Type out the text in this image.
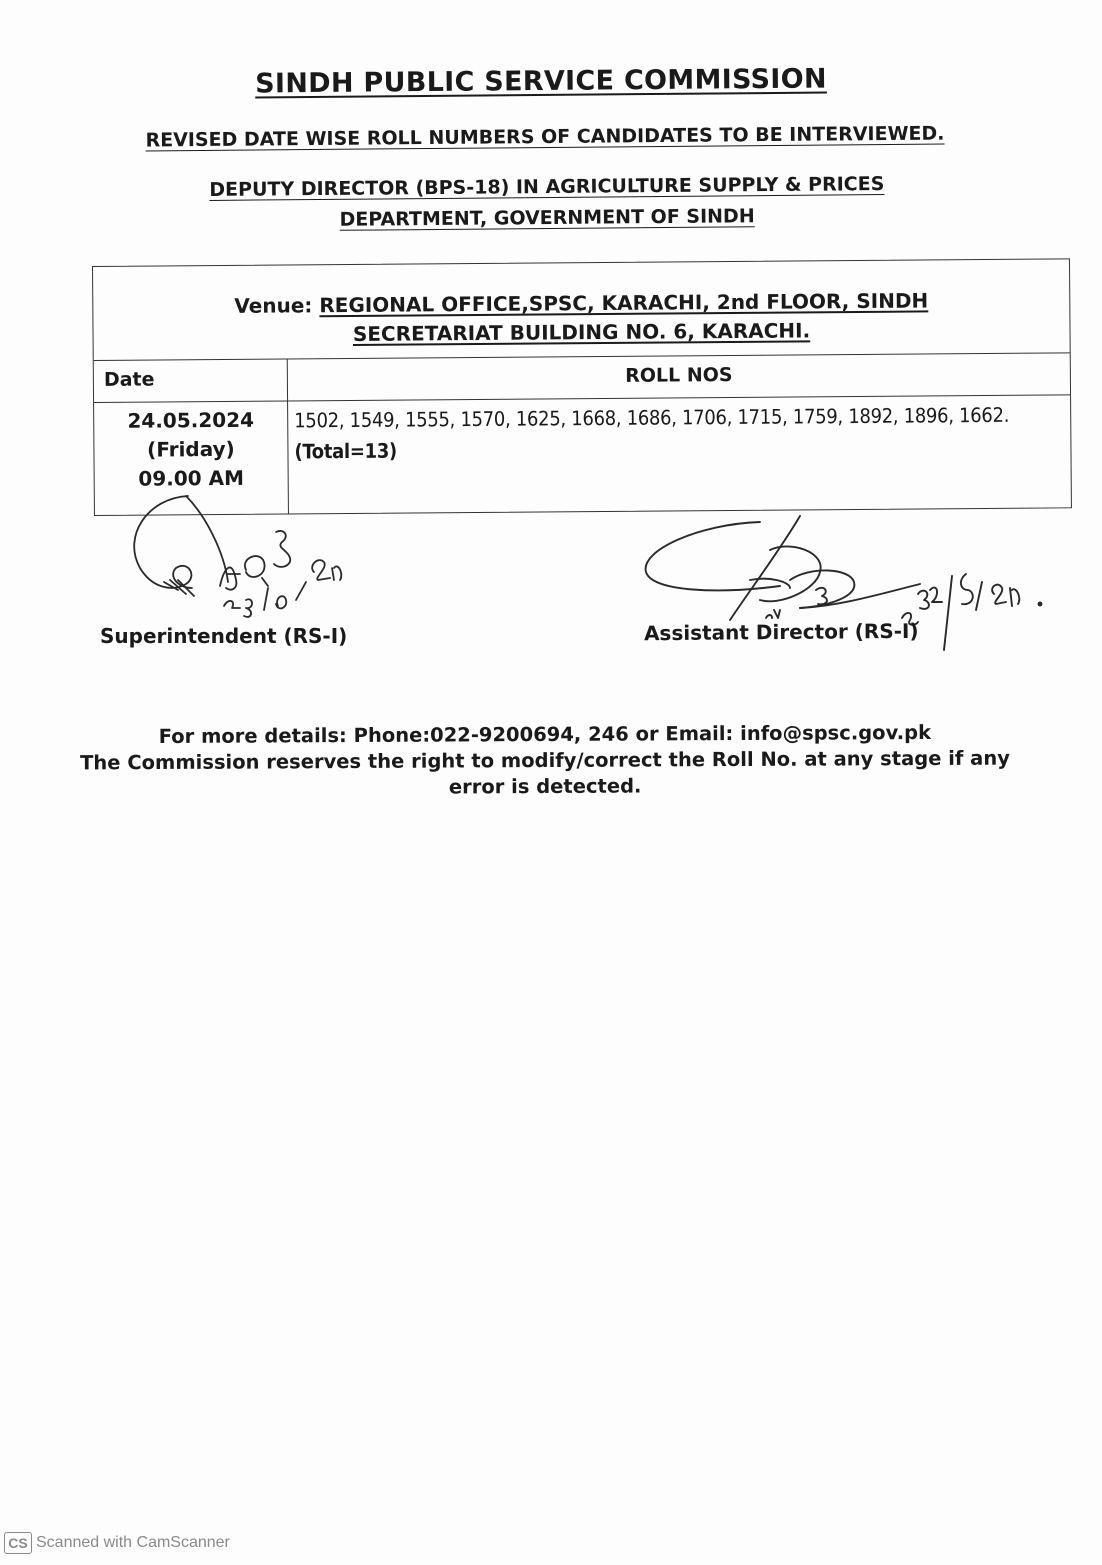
SINDH PUBLIC SERVICE COMMISSION
REVISED DATE WISE ROLL NUMBERS OF CANDIDATES TO BE INTERVIEWED.
DEPUTY DIRECTOR (BPS-18) IN AGRICULTURE SUPPLY & PRICES
DEPARTMENT, GOVERNMENT OF SINDH
Venue: REGIONAL OFFICE,SPSC, KARACHI, 2nd FLOOR, SINDH
SECRETARIAT BUILDING NO. 6, KARACHI.
Date	ROLL NOS
24.05.2024
(Friday)
09.00 AM
1502, 1549, 1555, 1570, 1625, 1668, 1686, 1706, 1715, 1759, 1892, 1896, 1662. (Total=13)
Superintendent (RS-I)	Assistant Director (RS-I)
For more details: Phone:022-9200694, 246 or Email: info@spsc.gov.pk
The Commission reserves the right to modify/correct the Roll No. at any stage if any
error is detected.
CS Scanned with CamScanner
